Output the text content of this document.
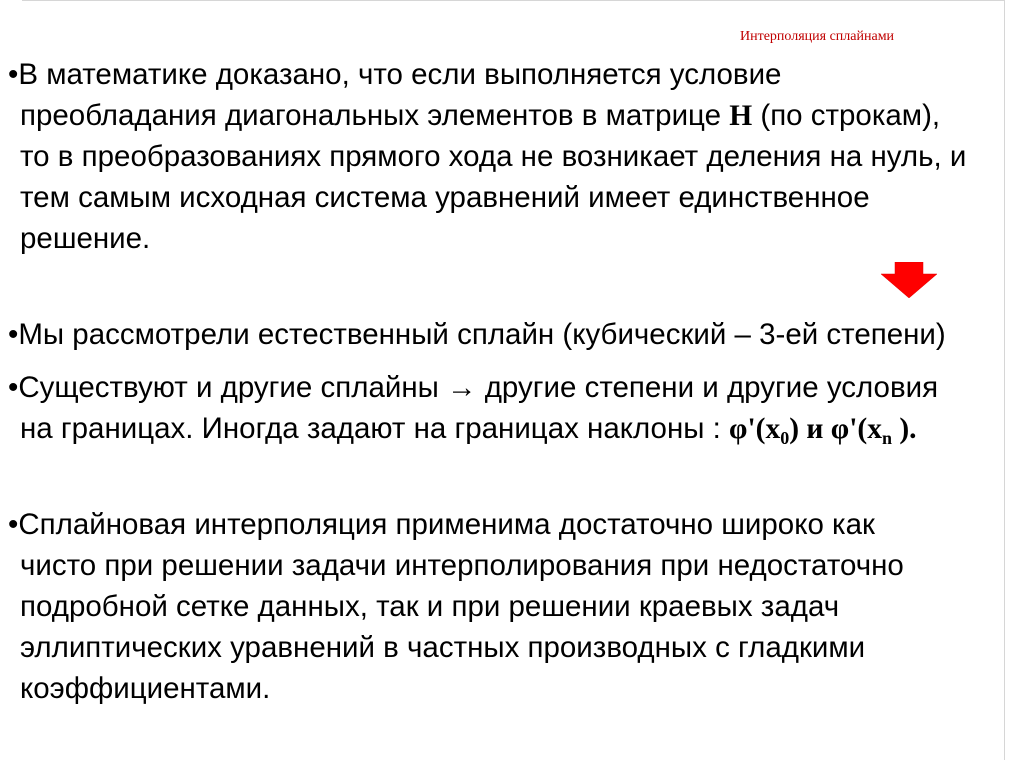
Интерполяция сплайнами
•В математике доказано, что если выполняется условие
преобладания диагональных элементов в матрице H (по строкам),
то в преобразованиях прямого хода не возникает деления на нуль, и
тем самым исходная система уравнений имеет единственное
решение.
•Мы рассмотрели естественный сплайн (кубический – 3-ей степени)
•Существуют и другие сплайны → другие степени и другие условия
на границах. Иногда задают на границах наклоны : $\varphi'(x_0)$ и $\varphi'(x_n$ ).
•Сплайновая интерполяция применима достаточно широко как
чисто при решении задачи интерполирования при недостаточно
подробной сетке данных, так и при решении краевых задач
эллиптических уравнений в частных производных с гладкими
коэффициентами.
